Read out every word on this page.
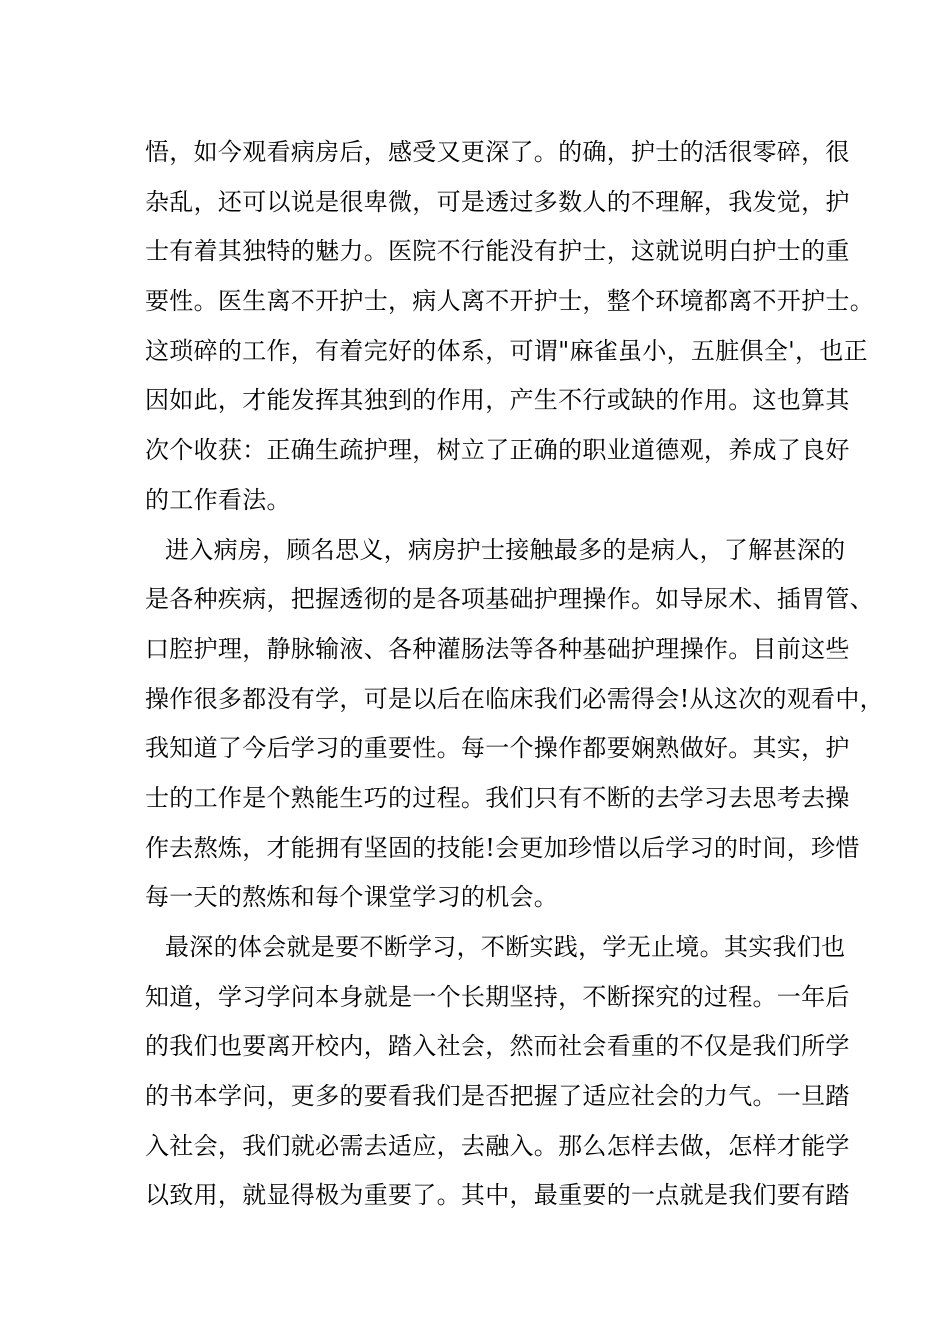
悟，如今观看病房后，感受又更深了。的确，护士的活很零碎，很
杂乱，还可以说是很卑微，可是透过多数人的不理解，我发觉，护
士有着其独特的魅力。医院不行能没有护士，这就说明白护士的重
要性。医生离不开护士，病人离不开护士，整个环境都离不开护士。
这琐碎的工作，有着完好的体系，可谓"麻雀虽小，五脏俱全'，也正
因如此，才能发挥其独到的作用，产生不行或缺的作用。这也算其
次个收获：正确生疏护理，树立了正确的职业道德观，养成了良好
的工作看法。
进入病房，顾名思义，病房护士接触最多的是病人，了解甚深的
是各种疾病，把握透彻的是各项基础护理操作。如导尿术、插胃管、
口腔护理，静脉输液、各种灌肠法等各种基础护理操作。目前这些
操作很多都没有学，可是以后在临床我们必需得会!从这次的观看中，
我知道了今后学习的重要性。每一个操作都要娴熟做好。其实，护
士的工作是个熟能生巧的过程。我们只有不断的去学习去思考去操
作去熬炼，才能拥有坚固的技能!会更加珍惜以后学习的时间，珍惜
每一天的熬炼和每个课堂学习的机会。
最深的体会就是要不断学习，不断实践，学无止境。其实我们也
知道，学习学问本身就是一个长期坚持，不断探究的过程。一年后
的我们也要离开校内，踏入社会，然而社会看重的不仅是我们所学
的书本学问，更多的要看我们是否把握了适应社会的力气。一旦踏
入社会，我们就必需去适应，去融入。那么怎样去做，怎样才能学
以致用，就显得极为重要了。其中，最重要的一点就是我们要有踏
